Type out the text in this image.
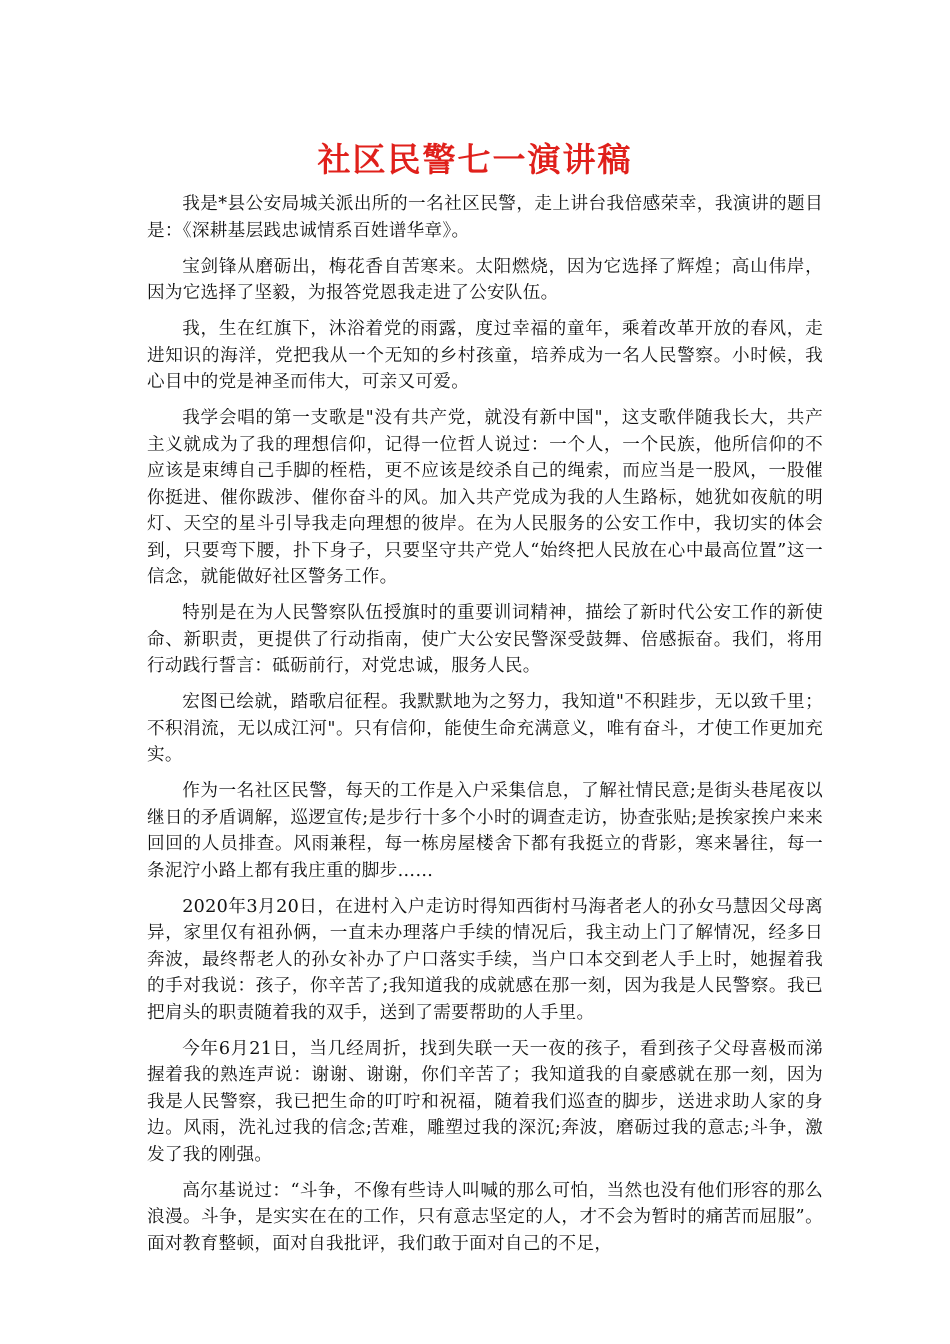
社区民警七一演讲稿

我是*县公安局城关派出所的一名社区民警，走上讲台我倍感荣幸，我演讲的题目是：《深耕基层践忠诚情系百姓谱华章》。

宝剑锋从磨砺出，梅花香自苦寒来。太阳燃烧，因为它选择了辉煌；高山伟岸，因为它选择了坚毅，为报答党恩我走进了公安队伍。

我，生在红旗下，沐浴着党的雨露，度过幸福的童年，乘着改革开放的春风，走进知识的海洋，党把我从一个无知的乡村孩童，培养成为一名人民警察。小时候，我心目中的党是神圣而伟大，可亲又可爱。

我学会唱的第一支歌是"没有共产党，就没有新中国"，这支歌伴随我长大，共产主义就成为了我的理想信仰，记得一位哲人说过：一个人，一个民族，他所信仰的不应该是束缚自己手脚的桎梏，更不应该是绞杀自己的绳索，而应当是一股风，一股催你挺进、催你跋涉、催你奋斗的风。加入共产党成为我的人生路标，她犹如夜航的明灯、天空的星斗引导我走向理想的彼岸。在为人民服务的公安工作中，我切实的体会到，只要弯下腰，扑下身子，只要坚守共产党人“始终把人民放在心中最高位置”这一信念，就能做好社区警务工作。

特别是在为人民警察队伍授旗时的重要训词精神，描绘了新时代公安工作的新使命、新职责，更提供了行动指南，使广大公安民警深受鼓舞、倍感振奋。我们，将用行动践行誓言：砥砺前行，对党忠诚，服务人民。

宏图已绘就，踏歌启征程。我默默地为之努力，我知道"不积跬步，无以致千里；不积涓流，无以成江河"。只有信仰，能使生命充满意义，唯有奋斗，才使工作更加充实。

作为一名社区民警，每天的工作是入户采集信息，了解社情民意;是街头巷尾夜以继日的矛盾调解，巡逻宣传;是步行十多个小时的调查走访，协查张贴;是挨家挨户来来回回的人员排查。风雨兼程，每一栋房屋楼舍下都有我挺立的背影，寒来暑往，每一条泥泞小路上都有我庄重的脚步……

2020年3月20日，在进村入户走访时得知西街村马海者老人的孙女马慧因父母离异，家里仅有祖孙俩，一直未办理落户手续的情况后，我主动上门了解情况，经多日奔波，最终帮老人的孙女补办了户口落实手续，当户口本交到老人手上时，她握着我的手对我说：孩子，你辛苦了;我知道我的成就感在那一刻，因为我是人民警察。我已把肩头的职责随着我的双手，送到了需要帮助的人手里。

今年6月21日，当几经周折，找到失联一天一夜的孩子，看到孩子父母喜极而涕握着我的熟连声说：谢谢、谢谢，你们辛苦了；我知道我的自豪感就在那一刻，因为我是人民警察，我已把生命的叮咛和祝福，随着我们巡查的脚步，送进求助人家的身边。风雨，洗礼过我的信念;苦难，雕塑过我的深沉;奔波，磨砺过我的意志;斗争，激发了我的刚强。

高尔基说过：“斗争，不像有些诗人叫喊的那么可怕，当然也没有他们形容的那么浪漫。斗争，是实实在在的工作，只有意志坚定的人，才不会为暂时的痛苦而屈服”。面对教育整顿，面对自我批评，我们敢于面对自己的不足，
